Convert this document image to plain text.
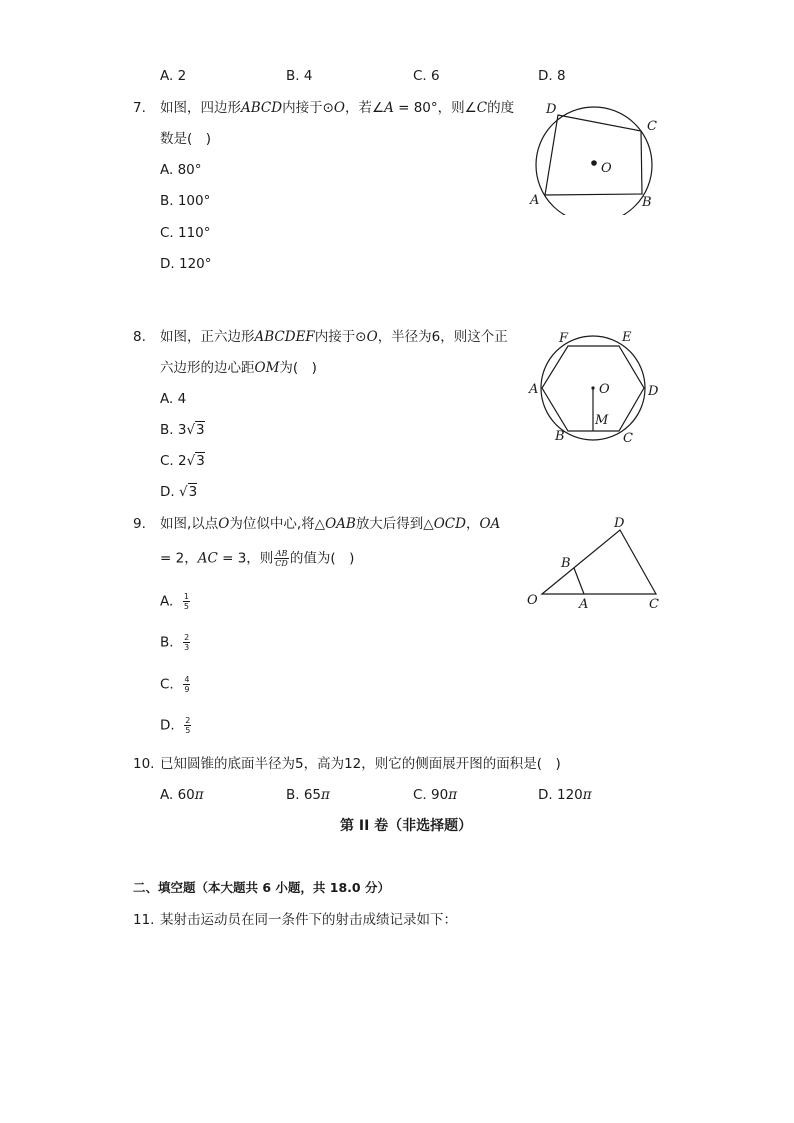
A. 2	B. 4	C. 6	D. 8
7. 如图，四边形ABCD内接于⊙O，若∠A = 80°，则∠C的度
数是(　)
A. 80°
B. 100°
C. 110°
D. 120°
D
C
O
A	B
8. 如图，正六边形ABCDEF内接于⊙O，半径为6，则这个正
六边形的边心距OM为(　)
A. 4
B. 3√3
C. 2√3
D. √3
F	E
A	O	D
M
B	C
9. 如图,以点O为位似中心,将△OAB放大后得到△OCD，OA
= 2，AC = 3，则 $\frac{AB}{CD}$ 的值为(　)
A. $\frac{1}{5}$
B. $\frac{2}{3}$
C. $\frac{4}{9}$
D. $\frac{2}{5}$
D
B
O	A	C
10. 已知圆锥的底面半径为5，高为12，则它的侧面展开图的面积是(　)
A. 60π	B. 65π	C. 90π	D. 120π
第 II 卷（非选择题）
二、填空题（本大题共 6 小题，共 18.0 分）
11. 某射击运动员在同一条件下的射击成绩记录如下：
